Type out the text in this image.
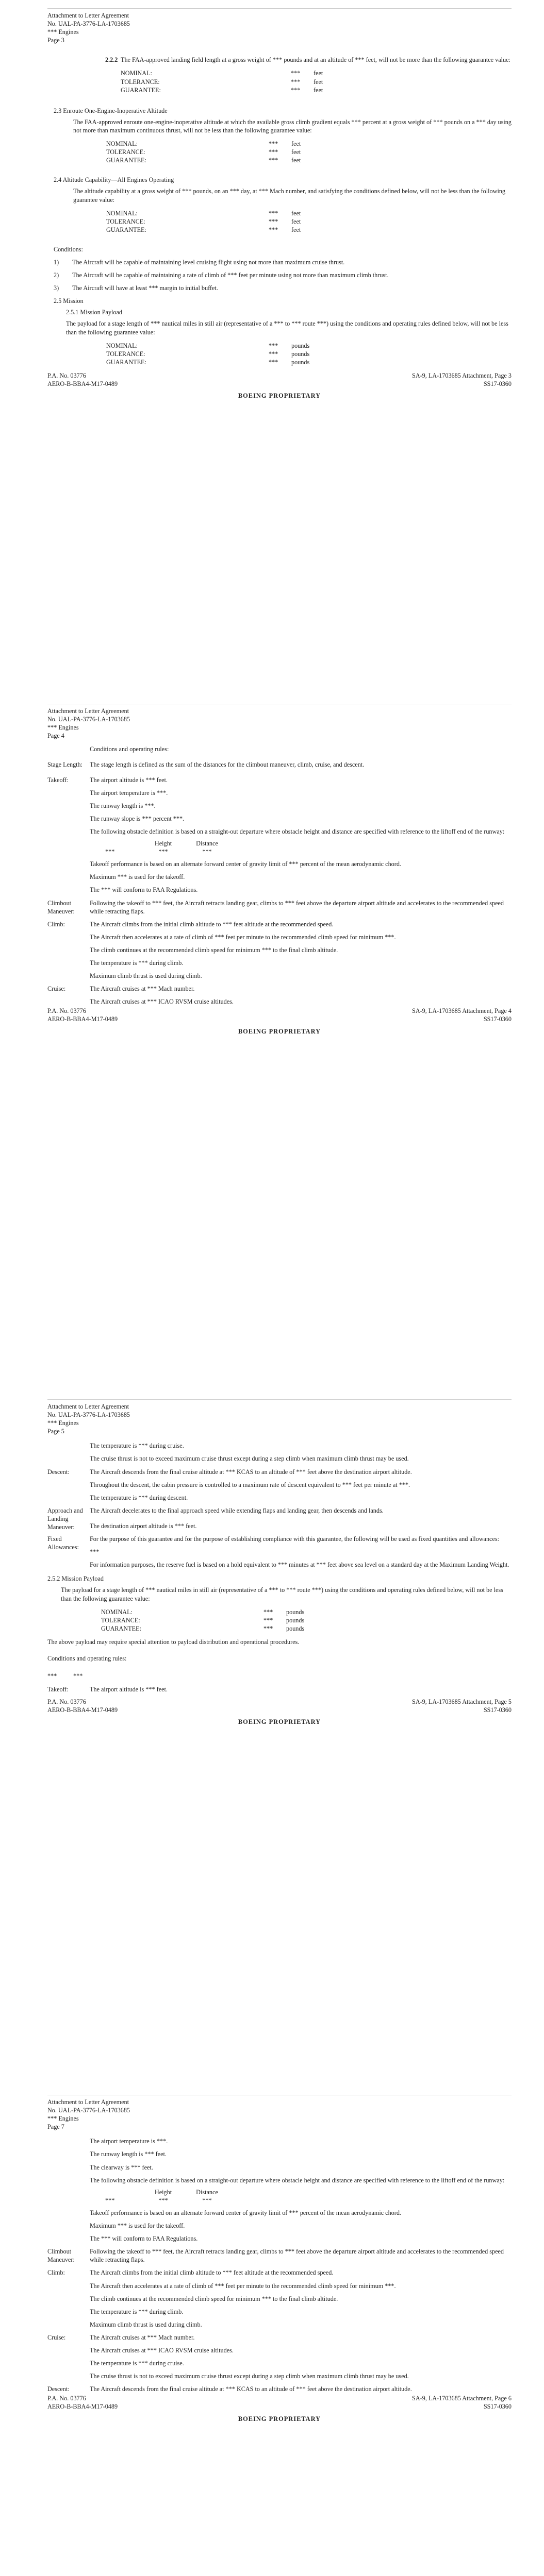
Attachment to Letter Agreement
No. UAL-PA-3776-LA-1703685
*** Engines
Page 3
2.2.2 The FAA-approved landing field length at a gross weight of *** pounds and at an altitude of *** feet, will not be more than the following guarantee value:

NOMINAL:	***	feet
TOLERANCE:	***	feet
GUARANTEE:	***	feet
2.3 Enroute One-Engine-Inoperative Altitude

The FAA-approved enroute one-engine-inoperative altitude at which the available gross climb gradient equals *** percent at a gross weight of *** pounds on a *** day using not more than maximum continuous thrust, will not be less than the following guarantee value:

NOMINAL:	***	feet
TOLERANCE:	***	feet
GUARANTEE:	***	feet
2.4 Altitude Capability—All Engines Operating

The altitude capability at a gross weight of *** pounds, on an *** day, at *** Mach number, and satisfying the conditions defined below, will not be less than the following guarantee value:

NOMINAL:	***	feet
TOLERANCE:	***	feet
GUARANTEE:	***	feet
Conditions:
1)	The Aircraft will be capable of maintaining level cruising flight using not more than maximum cruise thrust.
2)	The Aircraft will be capable of maintaining a rate of climb of *** feet per minute using not more than maximum climb thrust.
3)	The Aircraft will have at least *** margin to initial buffet.
2.5 Mission
2.5.1 Mission Payload

The payload for a stage length of *** nautical miles in still air (representative of a *** to *** route ***) using the conditions and operating rules defined below, will not be less than the following guarantee value:

NOMINAL:	***	pounds
TOLERANCE:	***	pounds
GUARANTEE:	***	pounds
P.A. No. 03776
AERO-B-BBA4-M17-0489
SA-9, LA-1703685 Attachment, Page 3
SS17-0360
BOEING PROPRIETARY
Attachment to Letter Agreement
No. UAL-PA-3776-LA-1703685
*** Engines
Page 4
Conditions and operating rules:
Stage Length:	The stage length is defined as the sum of the distances for the climbout maneuver, climb, cruise, and descent.

Takeoff:	The airport altitude is *** feet.

The airport temperature is ***.

The runway length is ***.

The runway slope is *** percent ***.

The following obstacle definition is based on a straight-out departure where obstacle height and distance are specified with reference to the liftoff end of the runway:

Height	Distance
***	***	***

Takeoff performance is based on an alternate forward center of gravity limit of *** percent of the mean aerodynamic chord.

Maximum *** is used for the takeoff.

The *** will conform to FAA Regulations.

Climbout Maneuver:

Following the takeoff to *** feet, the Aircraft retracts landing gear, climbs to *** feet above the departure airport altitude and accelerates to the recommended speed while retracting flaps.

Climb:	The Aircraft climbs from the initial climb altitude to *** feet altitude at the recommended speed.

The Aircraft then accelerates at a rate of climb of *** feet per minute to the recommended climb speed for minimum ***.

The climb continues at the recommended climb speed for minimum *** to the final climb altitude.

The temperature is *** during climb.

Maximum climb thrust is used during climb.

Cruise:	The Aircraft cruises at *** Mach number.

The Aircraft cruises at *** ICAO RVSM cruise altitudes.

P.A. No. 03776
AERO-B-BBA4-M17-0489
SA-9, LA-1703685 Attachment, Page 4
SS17-0360
BOEING PROPRIETARY
Attachment to Letter Agreement
No. UAL-PA-3776-LA-1703685
*** Engines
Page 5

The temperature is *** during cruise.

The cruise thrust is not to exceed maximum cruise thrust except during a step climb when maximum climb thrust may be used.

Descent:	The Aircraft descends from the final cruise altitude at *** KCAS to an altitude of *** feet above the destination airport altitude.

Throughout the descent, the cabin pressure is controlled to a maximum rate of descent equivalent to *** feet per minute at ***.

The temperature is *** during descent.

Approach and Landing Maneuver:

The Aircraft decelerates to the final approach speed while extending flaps and landing gear, then descends and lands.

The destination airport altitude is *** feet.

Fixed Allowances:

For the purpose of this guarantee and for the purpose of establishing compliance with this guarantee, the following will be used as fixed quantities and allowances:

***

For information purposes, the reserve fuel is based on a hold equivalent to *** minutes at *** feet above sea level on a standard day at the Maximum Landing Weight.

2.5.2 Mission Payload

The payload for a stage length of *** nautical miles in still air (representative of a *** to *** route ***) using the conditions and operating rules defined below, will not be less than the following guarantee value:

NOMINAL:	***	pounds
TOLERANCE:	***	pounds
GUARANTEE:	***	pounds

The above payload may require special attention to payload distribution and operational procedures.

Conditions and operating rules:

***	***
Takeoff:	The airport altitude is *** feet.

P.A. No. 03776
AERO-B-BBA4-M17-0489
SA-9, LA-1703685 Attachment, Page 5
SS17-0360
BOEING PROPRIETARY
Attachment to Letter Agreement
No. UAL-PA-3776-LA-1703685
*** Engines
Page 7

The airport temperature is ***.

The runway length is *** feet.

The clearway is *** feet.

The following obstacle definition is based on a straight-out departure where obstacle height and distance are specified with reference to the liftoff end of the runway:

Height	Distance
***	***	***

Takeoff performance is based on an alternate forward center of gravity limit of *** percent of the mean aerodynamic chord.

Maximum *** is used for the takeoff.

The *** will conform to FAA Regulations.

Climbout Maneuver:

Following the takeoff to *** feet, the Aircraft retracts landing gear, climbs to *** feet above the departure airport altitude and accelerates to the recommended speed while retracting flaps.

Climb:	The Aircraft climbs from the initial climb altitude to *** feet altitude at the recommended speed.

The Aircraft then accelerates at a rate of climb of *** feet per minute to the recommended climb speed for minimum ***.

The climb continues at the recommended climb speed for minimum *** to the final climb altitude.

The temperature is *** during climb.

Maximum climb thrust is used during climb.

Cruise:	The Aircraft cruises at *** Mach number.

The Aircraft cruises at *** ICAO RVSM cruise altitudes.

The temperature is *** during cruise.

The cruise thrust is not to exceed maximum cruise thrust except during a step climb when maximum climb thrust may be used.

Descent:	The Aircraft descends from the final cruise altitude at *** KCAS to an altitude of *** feet above the destination airport altitude.

P.A. No. 03776
AERO-B-BBA4-M17-0489
SA-9, LA-1703685 Attachment, Page 6
SS17-0360
BOEING PROPRIETARY
